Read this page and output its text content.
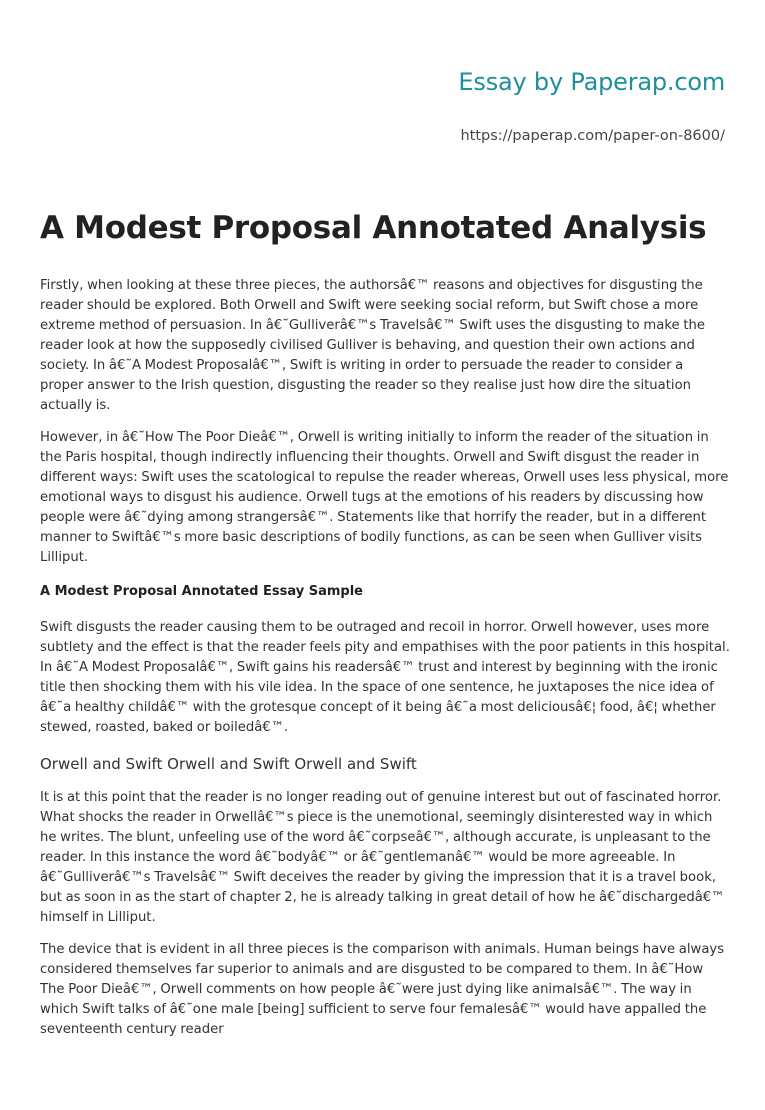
Essay by Paperap.com
https://paperap.com/paper-on-8600/
A Modest Proposal Annotated Analysis

Firstly, when looking at these three pieces, the authorsâ€™ reasons and objectives for disgusting the reader should be explored. Both Orwell and Swift were seeking social reform, but Swift chose a more extreme method of persuasion. In â€˜Gulliverâ€™s Travelsâ€™ Swift uses the disgusting to make the reader look at how the supposedly civilised Gulliver is behaving, and question their own actions and society. In â€˜A Modest Proposalâ€™, Swift is writing in order to persuade the reader to consider a proper answer to the Irish question, disgusting the reader so they realise just how dire the situation actually is.

However, in â€˜How The Poor Dieâ€™, Orwell is writing initially to inform the reader of the situation in the Paris hospital, though indirectly influencing their thoughts. Orwell and Swift disgust the reader in different ways: Swift uses the scatological to repulse the reader whereas, Orwell uses less physical, more emotional ways to disgust his audience. Orwell tugs at the emotions of his readers by discussing how people were â€˜dying among strangersâ€™. Statements like that horrify the reader, but in a different manner to Swiftâ€™s more basic descriptions of bodily functions, as can be seen when Gulliver visits Lilliput.

A Modest Proposal Annotated Essay Sample

Swift disgusts the reader causing them to be outraged and recoil in horror. Orwell however, uses more subtlety and the effect is that the reader feels pity and empathises with the poor patients in this hospital. In â€˜A Modest Proposalâ€™, Swift gains his readersâ€™ trust and interest by beginning with the ironic title then shocking them with his vile idea. In the space of one sentence, he juxtaposes the nice idea of â€˜a healthy childâ€™ with the grotesque concept of it being â€˜a most deliciousâ€¦ food, â€¦ whether stewed, roasted, baked or boiledâ€™.

Orwell and Swift Orwell and Swift Orwell and Swift

It is at this point that the reader is no longer reading out of genuine interest but out of fascinated horror. What shocks the reader in Orwellâ€™s piece is the unemotional, seemingly disinterested way in which he writes. The blunt, unfeeling use of the word â€˜corpseâ€™, although accurate, is unpleasant to the reader. In this instance the word â€˜bodyâ€™ or â€˜gentlemanâ€™ would be more agreeable. In â€˜Gulliverâ€™s Travelsâ€™ Swift deceives the reader by giving the impression that it is a travel book, but as soon in as the start of chapter 2, he is already talking in great detail of how he â€˜dischargedâ€™ himself in Lilliput.

The device that is evident in all three pieces is the comparison with animals. Human beings have always considered themselves far superior to animals and are disgusted to be compared to them. In â€˜How The Poor Dieâ€™, Orwell comments on how people â€˜were just dying like animalsâ€™. The way in which Swift talks of â€˜one male [being] sufficient to serve four femalesâ€™ would have appalled the seventeenth century reader
